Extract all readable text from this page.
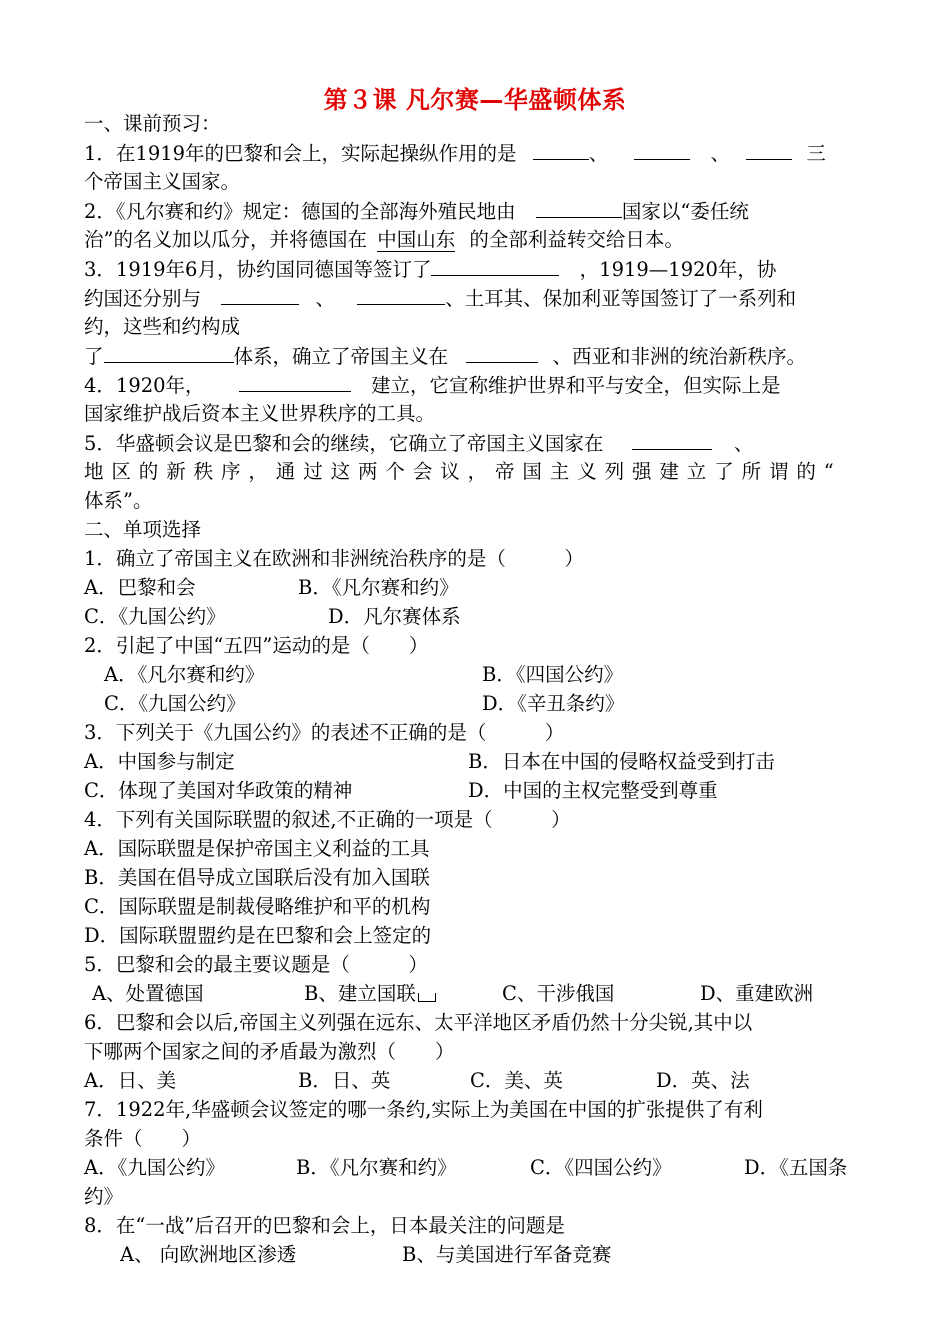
第３课 凡尔赛—华盛顿体系
一、课前预习：
1．在1919年的巴黎和会上，实际起操纵作用的是	、	、	三
个帝国主义国家。
2．《凡尔赛和约》规定：德国的全部海外殖民地由	国家以“委任统
治”的名义加以瓜分，并将德国在 中国山东 的全部利益转交给日本。
3．1919年6月，协约国同德国等签订了	，1919—1920年，协
约国还分别与	、	、土耳其、保加利亚等国签订了一系列和
约，这些和约构成
了	体系，确立了帝国主义在	、西亚和非洲的统治新秩序。
4．1920年，	建立，它宣称维护世界和平与安全，但实际上是
国家维护战后资本主义世界秩序的工具。
5．华盛顿会议是巴黎和会的继续，它确立了帝国主义国家在	、
地区的新秩序，通过这两个会议，帝国主义列强建立了所谓的“
体系”。
二、单项选择
1．确立了帝国主义在欧洲和非洲统治秩序的是（　　　）
A．巴黎和会	B．《凡尔赛和约》
C．《九国公约》	D．凡尔赛体系
2．引起了中国“五四”运动的是（　　）
A．《凡尔赛和约》	B．《四国公约》
C．《九国公约》	D．《辛丑条约》
3．下列关于《九国公约》的表述不正确的是（　　　）
A．中国参与制定	B．日本在中国的侵略权益受到打击
C．体现了美国对华政策的精神	D．中国的主权完整受到尊重
4．下列有关国际联盟的叙述,不正确的一项是（　　　）
A．国际联盟是保护帝国主义利益的工具
B．美国在倡导成立国联后没有加入国联
C．国际联盟是制裁侵略维护和平的机构
D．国际联盟盟约是在巴黎和会上签定的
5．巴黎和会的最主要议题是（　　　）
A、处置德国	B、建立国联	C、干涉俄国	D、重建欧洲
6．巴黎和会以后,帝国主义列强在远东、太平洋地区矛盾仍然十分尖锐,其中以
下哪两个国家之间的矛盾最为激烈（　　）
A．日、美	B．日、英	C．美、英	D．英、法
7．1922年,华盛顿会议签定的哪一条约,实际上为美国在中国的扩张提供了有利
条件（　　）
A．《九国公约》	B．《凡尔赛和约》	C．《四国公约》	D．《五国条
约》
8．在“一战”后召开的巴黎和会上，日本最关注的问题是
A、 向欧洲地区渗透	B、与美国进行军备竞赛
